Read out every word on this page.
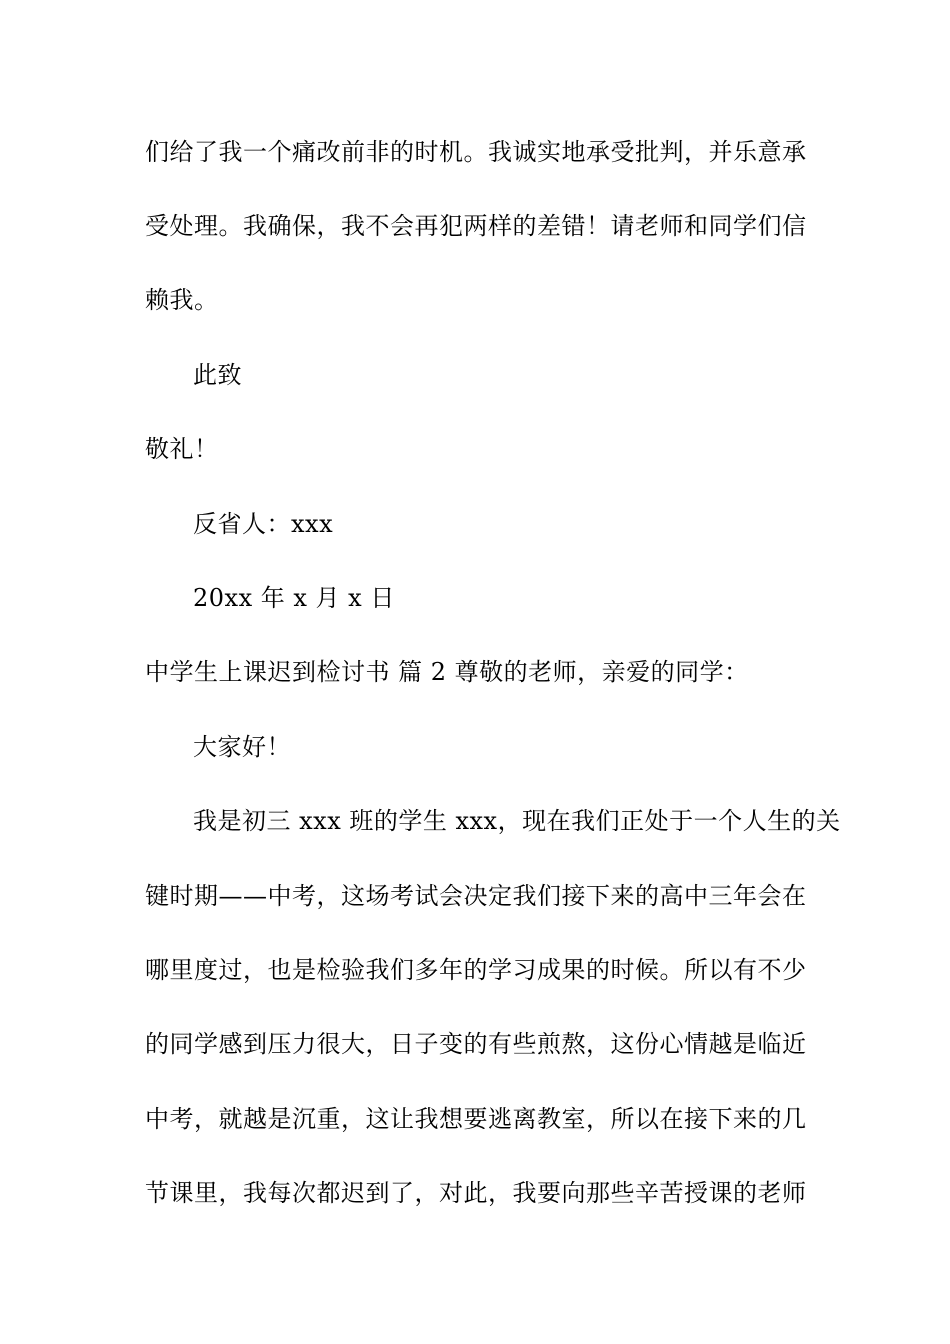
们给了我一个痛改前非的时机。我诚实地承受批判，并乐意承
受处理。我确保，我不会再犯两样的差错！请老师和同学们信
赖我。
此致
敬礼！
反省人：xxx
20xx 年 x 月 x 日
中学生上课迟到检讨书 篇 2 尊敬的老师，亲爱的同学：
大家好！
我是初三 xxx 班的学生 xxx，现在我们正处于一个人生的关
键时期——中考，这场考试会决定我们接下来的高中三年会在
哪里度过，也是检验我们多年的学习成果的时候。所以有不少
的同学感到压力很大，日子变的有些煎熬，这份心情越是临近
中考，就越是沉重，这让我想要逃离教室，所以在接下来的几
节课里，我每次都迟到了，对此，我要向那些辛苦授课的老师
